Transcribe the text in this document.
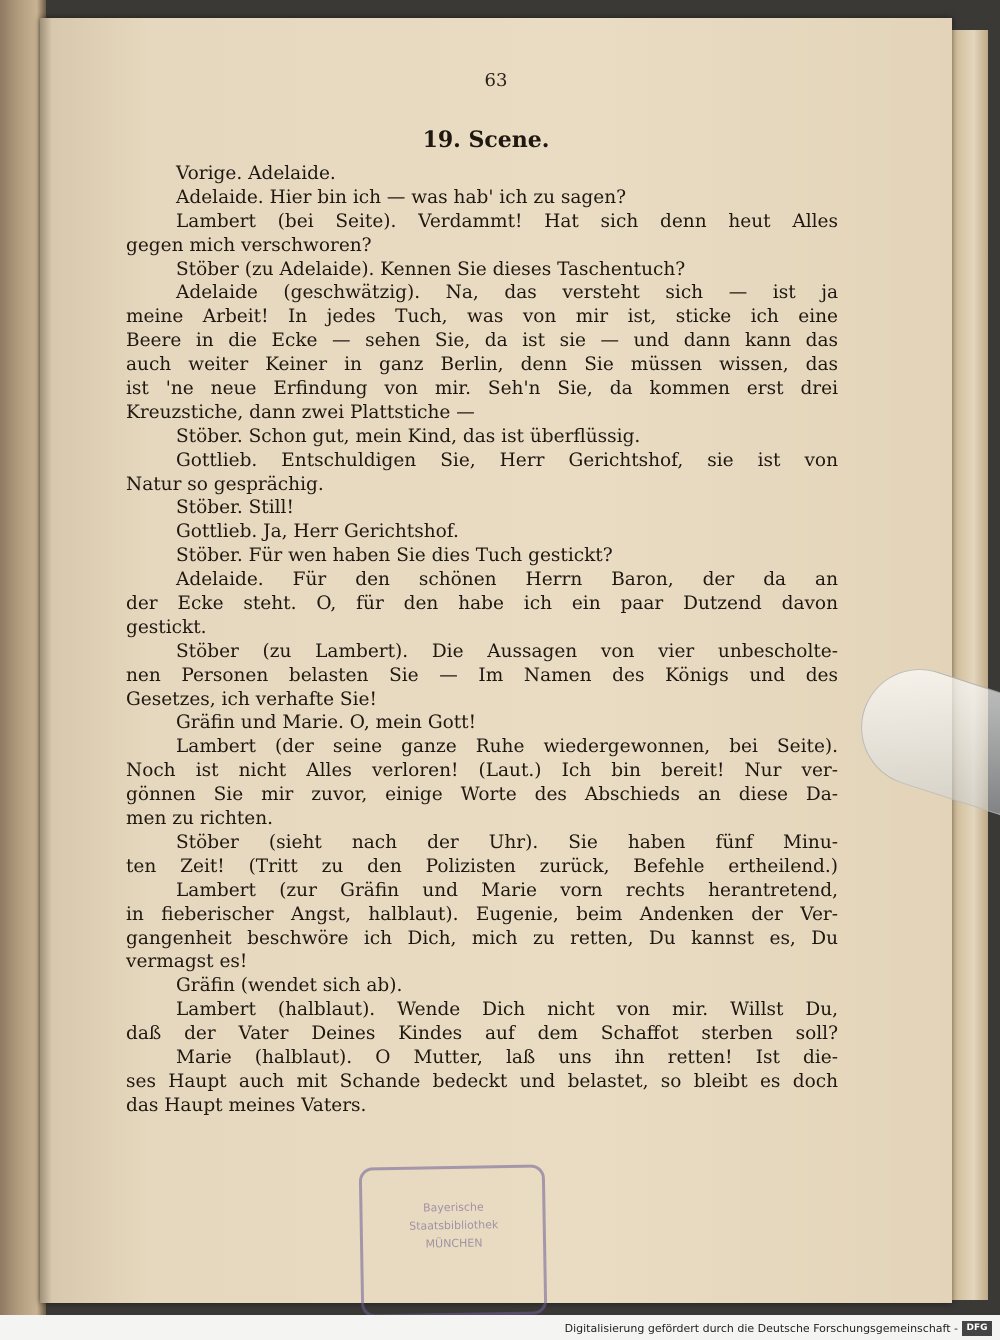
63
19. Scene.
Vorige. Adelaide.
Adelaide. Hier bin ich — was hab' ich zu sagen?
Lambert (bei Seite). Verdammt! Hat sich denn heut Alles
gegen mich verschworen?
Stöber (zu Adelaide). Kennen Sie dieses Taschentuch?
Adelaide (geschwätzig). Na, das versteht sich — ist ja
meine Arbeit! In jedes Tuch, was von mir ist, sticke ich eine
Beere in die Ecke — sehen Sie, da ist sie — und dann kann das
auch weiter Keiner in ganz Berlin, denn Sie müssen wissen, das
ist 'ne neue Erfindung von mir. Seh'n Sie, da kommen erst drei
Kreuzstiche, dann zwei Plattstiche —
Stöber. Schon gut, mein Kind, das ist überflüssig.
Gottlieb. Entschuldigen Sie, Herr Gerichtshof, sie ist von
Natur so gesprächig.
Stöber. Still!
Gottlieb. Ja, Herr Gerichtshof.
Stöber. Für wen haben Sie dies Tuch gestickt?
Adelaide. Für den schönen Herrn Baron, der da an
der Ecke steht. O, für den habe ich ein paar Dutzend davon
gestickt.
Stöber (zu Lambert). Die Aussagen von vier unbescholte-
nen Personen belasten Sie — Im Namen des Königs und des
Gesetzes, ich verhafte Sie!
Gräfin und Marie. O, mein Gott!
Lambert (der seine ganze Ruhe wiedergewonnen, bei Seite).
Noch ist nicht Alles verloren! (Laut.) Ich bin bereit! Nur ver-
gönnen Sie mir zuvor, einige Worte des Abschieds an diese Da-
men zu richten.
Stöber (sieht nach der Uhr). Sie haben fünf Minu-
ten Zeit! (Tritt zu den Polizisten zurück, Befehle ertheilend.)
Lambert (zur Gräfin und Marie vorn rechts herantretend,
in fieberischer Angst, halblaut). Eugenie, beim Andenken der Ver-
gangenheit beschwöre ich Dich, mich zu retten, Du kannst es, Du
vermagst es!
Gräfin (wendet sich ab).
Lambert (halblaut). Wende Dich nicht von mir. Willst Du,
daß der Vater Deines Kindes auf dem Schaffot sterben soll?
Marie (halblaut). O Mutter, laß uns ihn retten! Ist die-
ses Haupt auch mit Schande bedeckt und belastet, so bleibt es doch
das Haupt meines Vaters.
Bayerische
Staatsbibliothek
MÜNCHEN
Digitalisierung gefördert durch die Deutsche Forschungsgemeinschaft - DFG
